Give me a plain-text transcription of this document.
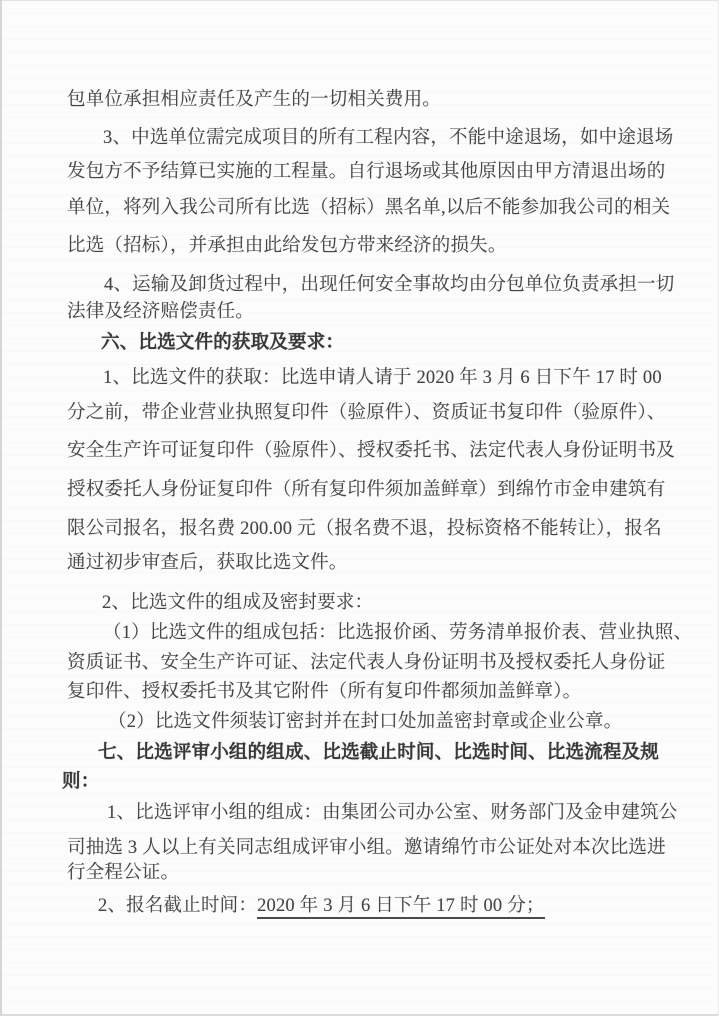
包单位承担相应责任及产生的一切相关费用。
3、中选单位需完成项目的所有工程内容，不能中途退场，如中途退场
发包方不予结算已实施的工程量。自行退场或其他原因由甲方清退出场的
单位，将列入我公司所有比选（招标）黑名单,以后不能参加我公司的相关
比选（招标），并承担由此给发包方带来经济的损失。
4、运输及卸货过程中，出现任何安全事故均由分包单位负责承担一切
法律及经济赔偿责任。
六、比选文件的获取及要求：
1、比选文件的获取：比选申请人请于 2020 年 3 月 6 日下午 17 时 00
分之前，带企业营业执照复印件（验原件）、资质证书复印件（验原件）、
安全生产许可证复印件（验原件）、授权委托书、法定代表人身份证明书及
授权委托人身份证复印件（所有复印件须加盖鲜章）到绵竹市金申建筑有
限公司报名，报名费 200.00 元（报名费不退，投标资格不能转让），报名
通过初步审查后，获取比选文件。
2、比选文件的组成及密封要求：
（1）比选文件的组成包括：比选报价函、劳务清单报价表、营业执照、
资质证书、安全生产许可证、法定代表人身份证明书及授权委托人身份证
复印件、授权委托书及其它附件（所有复印件都须加盖鲜章）。
（2）比选文件须装订密封并在封口处加盖密封章或企业公章。
七、比选评审小组的组成、比选截止时间、比选时间、比选流程及规
则：
1、比选评审小组的组成：由集团公司办公室、财务部门及金申建筑公
司抽选 3 人以上有关同志组成评审小组。邀请绵竹市公证处对本次比选进
行全程公证。
2、报名截止时间：2020 年 3 月 6 日下午 17 时 00 分；
